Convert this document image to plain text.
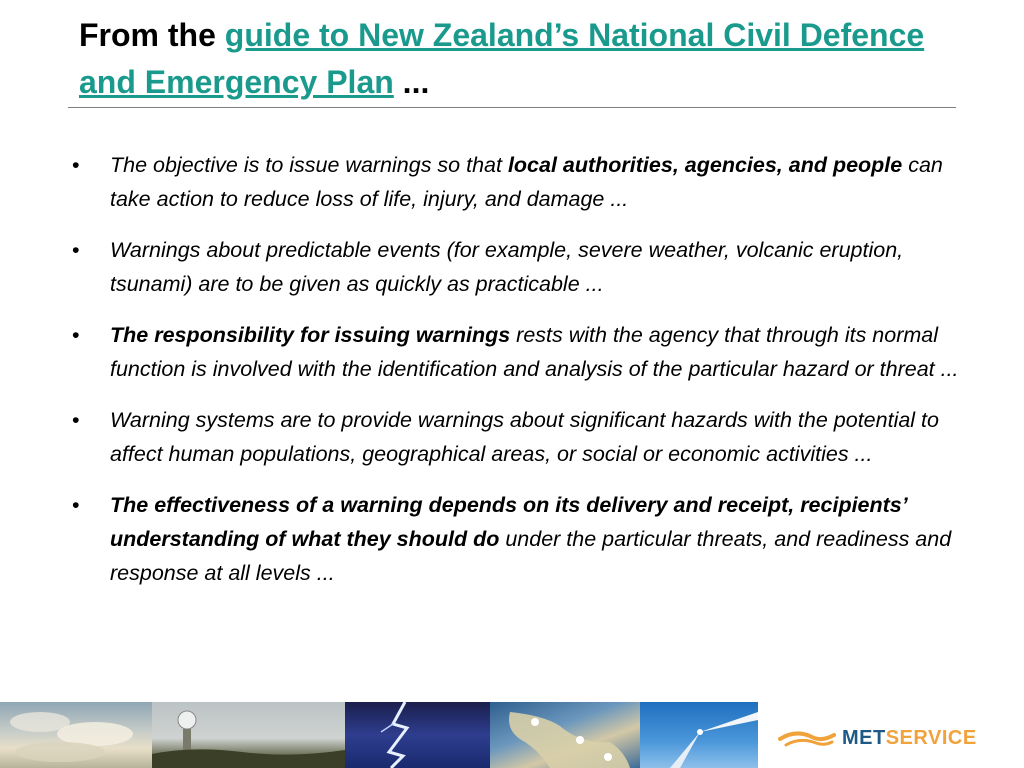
From the guide to New Zealand’s National Civil Defence and Emergency Plan ...
• The objective is to issue warnings so that local authorities, agencies, and people can take action to reduce loss of life, injury, and damage ...
• Warnings about predictable events (for example, severe weather, volcanic eruption, tsunami) are to be given as quickly as practicable ...
• The responsibility for issuing warnings rests with the agency that through its normal function is involved with the identification and analysis of the particular hazard or threat ...
• Warning systems are to provide warnings about significant hazards with the potential to affect human populations, geographical areas, or social or economic activities ...
• The effectiveness of a warning depends on its delivery and receipt, recipients’ understanding of what they should do under the particular threats, and readiness and response at all levels ...
METSERVICE
